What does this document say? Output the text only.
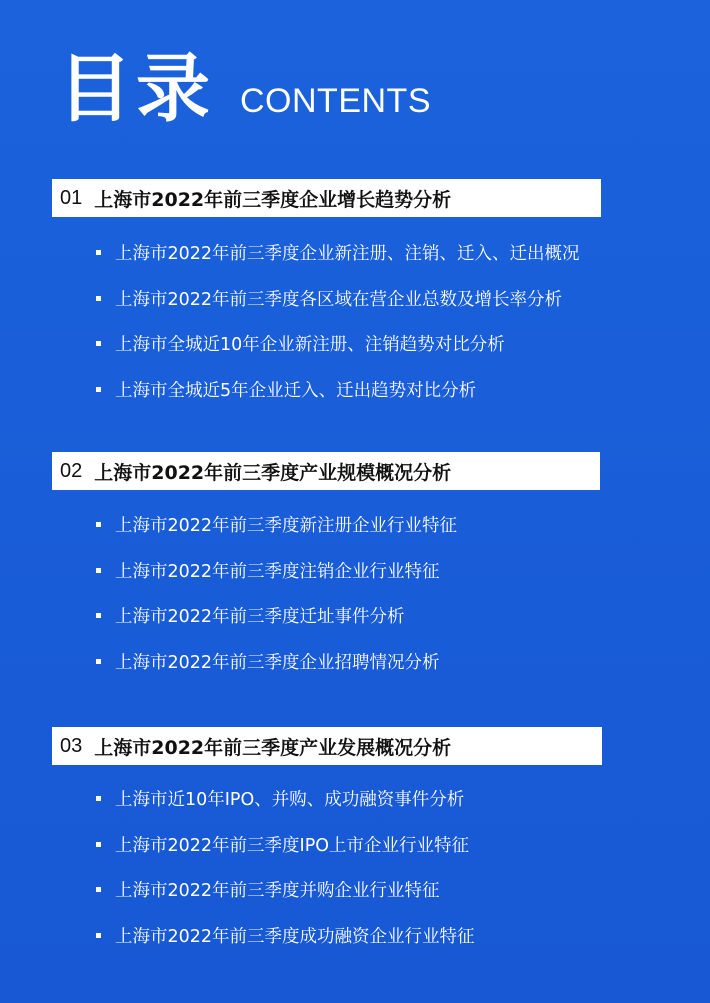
目录 CONTENTS
01 上海市2022年前三季度企业增长趋势分析
上海市2022年前三季度企业新注册、注销、迁入、迁出概况
上海市2022年前三季度各区域在营企业总数及增长率分析
上海市全城近10年企业新注册、注销趋势对比分析
上海市全城近5年企业迁入、迁出趋势对比分析
02 上海市2022年前三季度产业规模概况分析
上海市2022年前三季度新注册企业行业特征
上海市2022年前三季度注销企业行业特征
上海市2022年前三季度迁址事件分析
上海市2022年前三季度企业招聘情况分析
03 上海市2022年前三季度产业发展概况分析
上海市近10年IPO、并购、成功融资事件分析
上海市2022年前三季度IPO上市企业行业特征
上海市2022年前三季度并购企业行业特征
上海市2022年前三季度成功融资企业行业特征
